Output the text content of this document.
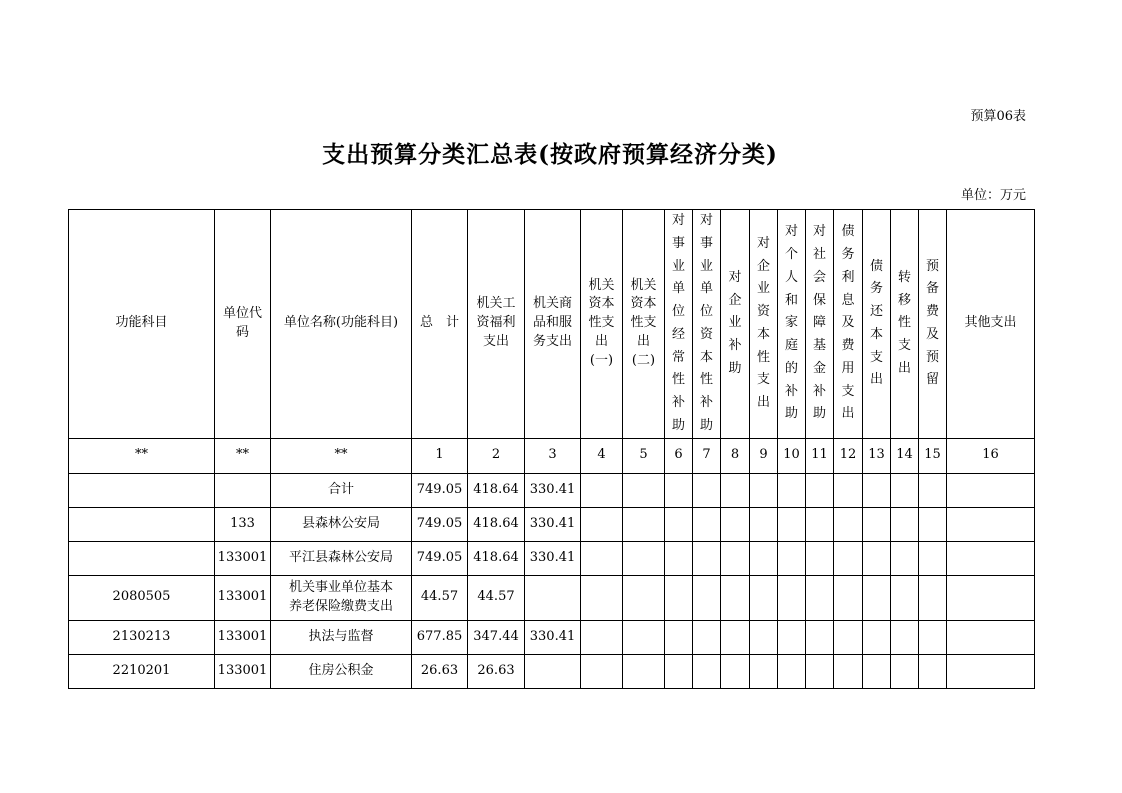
预算06表
支出预算分类汇总表(按政府预算经济分类)
单位：万元
功能科目	单位代码	单位名称(功能科目)	总　计	机关工资福利支出	机关商品和服务支出	机关资本性支出(一)	机关资本性支出(二)	对事业单位经常性补助	对事业单位资本性补助	对企业补助	对企业资本性支出	对个人和家庭的补助	对社会保障基金补助	债务利息及费用支出	债务还本支出	转移性支出	预备费及预留	其他支出
**	**	**	1	2	3	4	5	6	7	8	9	10	11	12	13	14	15	16
		合计	749.05	418.64	330.41													
	133	县森林公安局	749.05	418.64	330.41													
	133001	平江县森林公安局	749.05	418.64	330.41													
2080505	133001	机关事业单位基本养老保险缴费支出	44.57	44.57														
2130213	133001	执法与监督	677.85	347.44	330.41													
2210201	133001	住房公积金	26.63	26.63														
